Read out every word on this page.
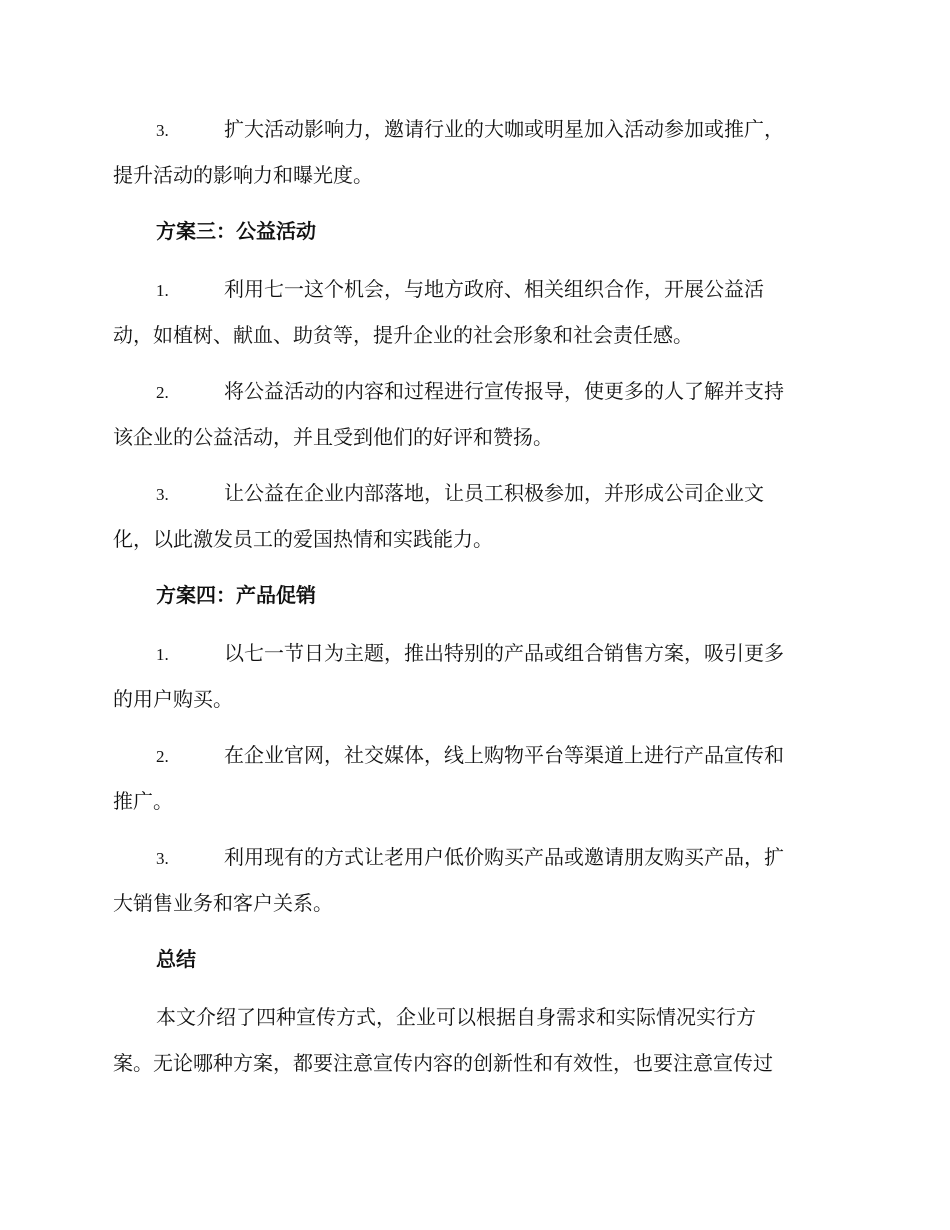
3.	扩大活动影响力，邀请行业的大咖或明星加入活动参加或推广，
提升活动的影响力和曝光度。
方案三：公益活动
1.	利用七一这个机会，与地方政府、相关组织合作，开展公益活
动，如植树、献血、助贫等，提升企业的社会形象和社会责任感。
2.	将公益活动的内容和过程进行宣传报导，使更多的人了解并支持
该企业的公益活动，并且受到他们的好评和赞扬。
3.	让公益在企业内部落地，让员工积极参加，并形成公司企业文
化，以此激发员工的爱国热情和实践能力。
方案四：产品促销
1.	以七一节日为主题，推出特别的产品或组合销售方案，吸引更多
的用户购买。
2.	在企业官网，社交媒体，线上购物平台等渠道上进行产品宣传和
推广。
3.	利用现有的方式让老用户低价购买产品或邀请朋友购买产品，扩
大销售业务和客户关系。
总结
本文介绍了四种宣传方式，企业可以根据自身需求和实际情况实行方
案。无论哪种方案，都要注意宣传内容的创新性和有效性，也要注意宣传过
